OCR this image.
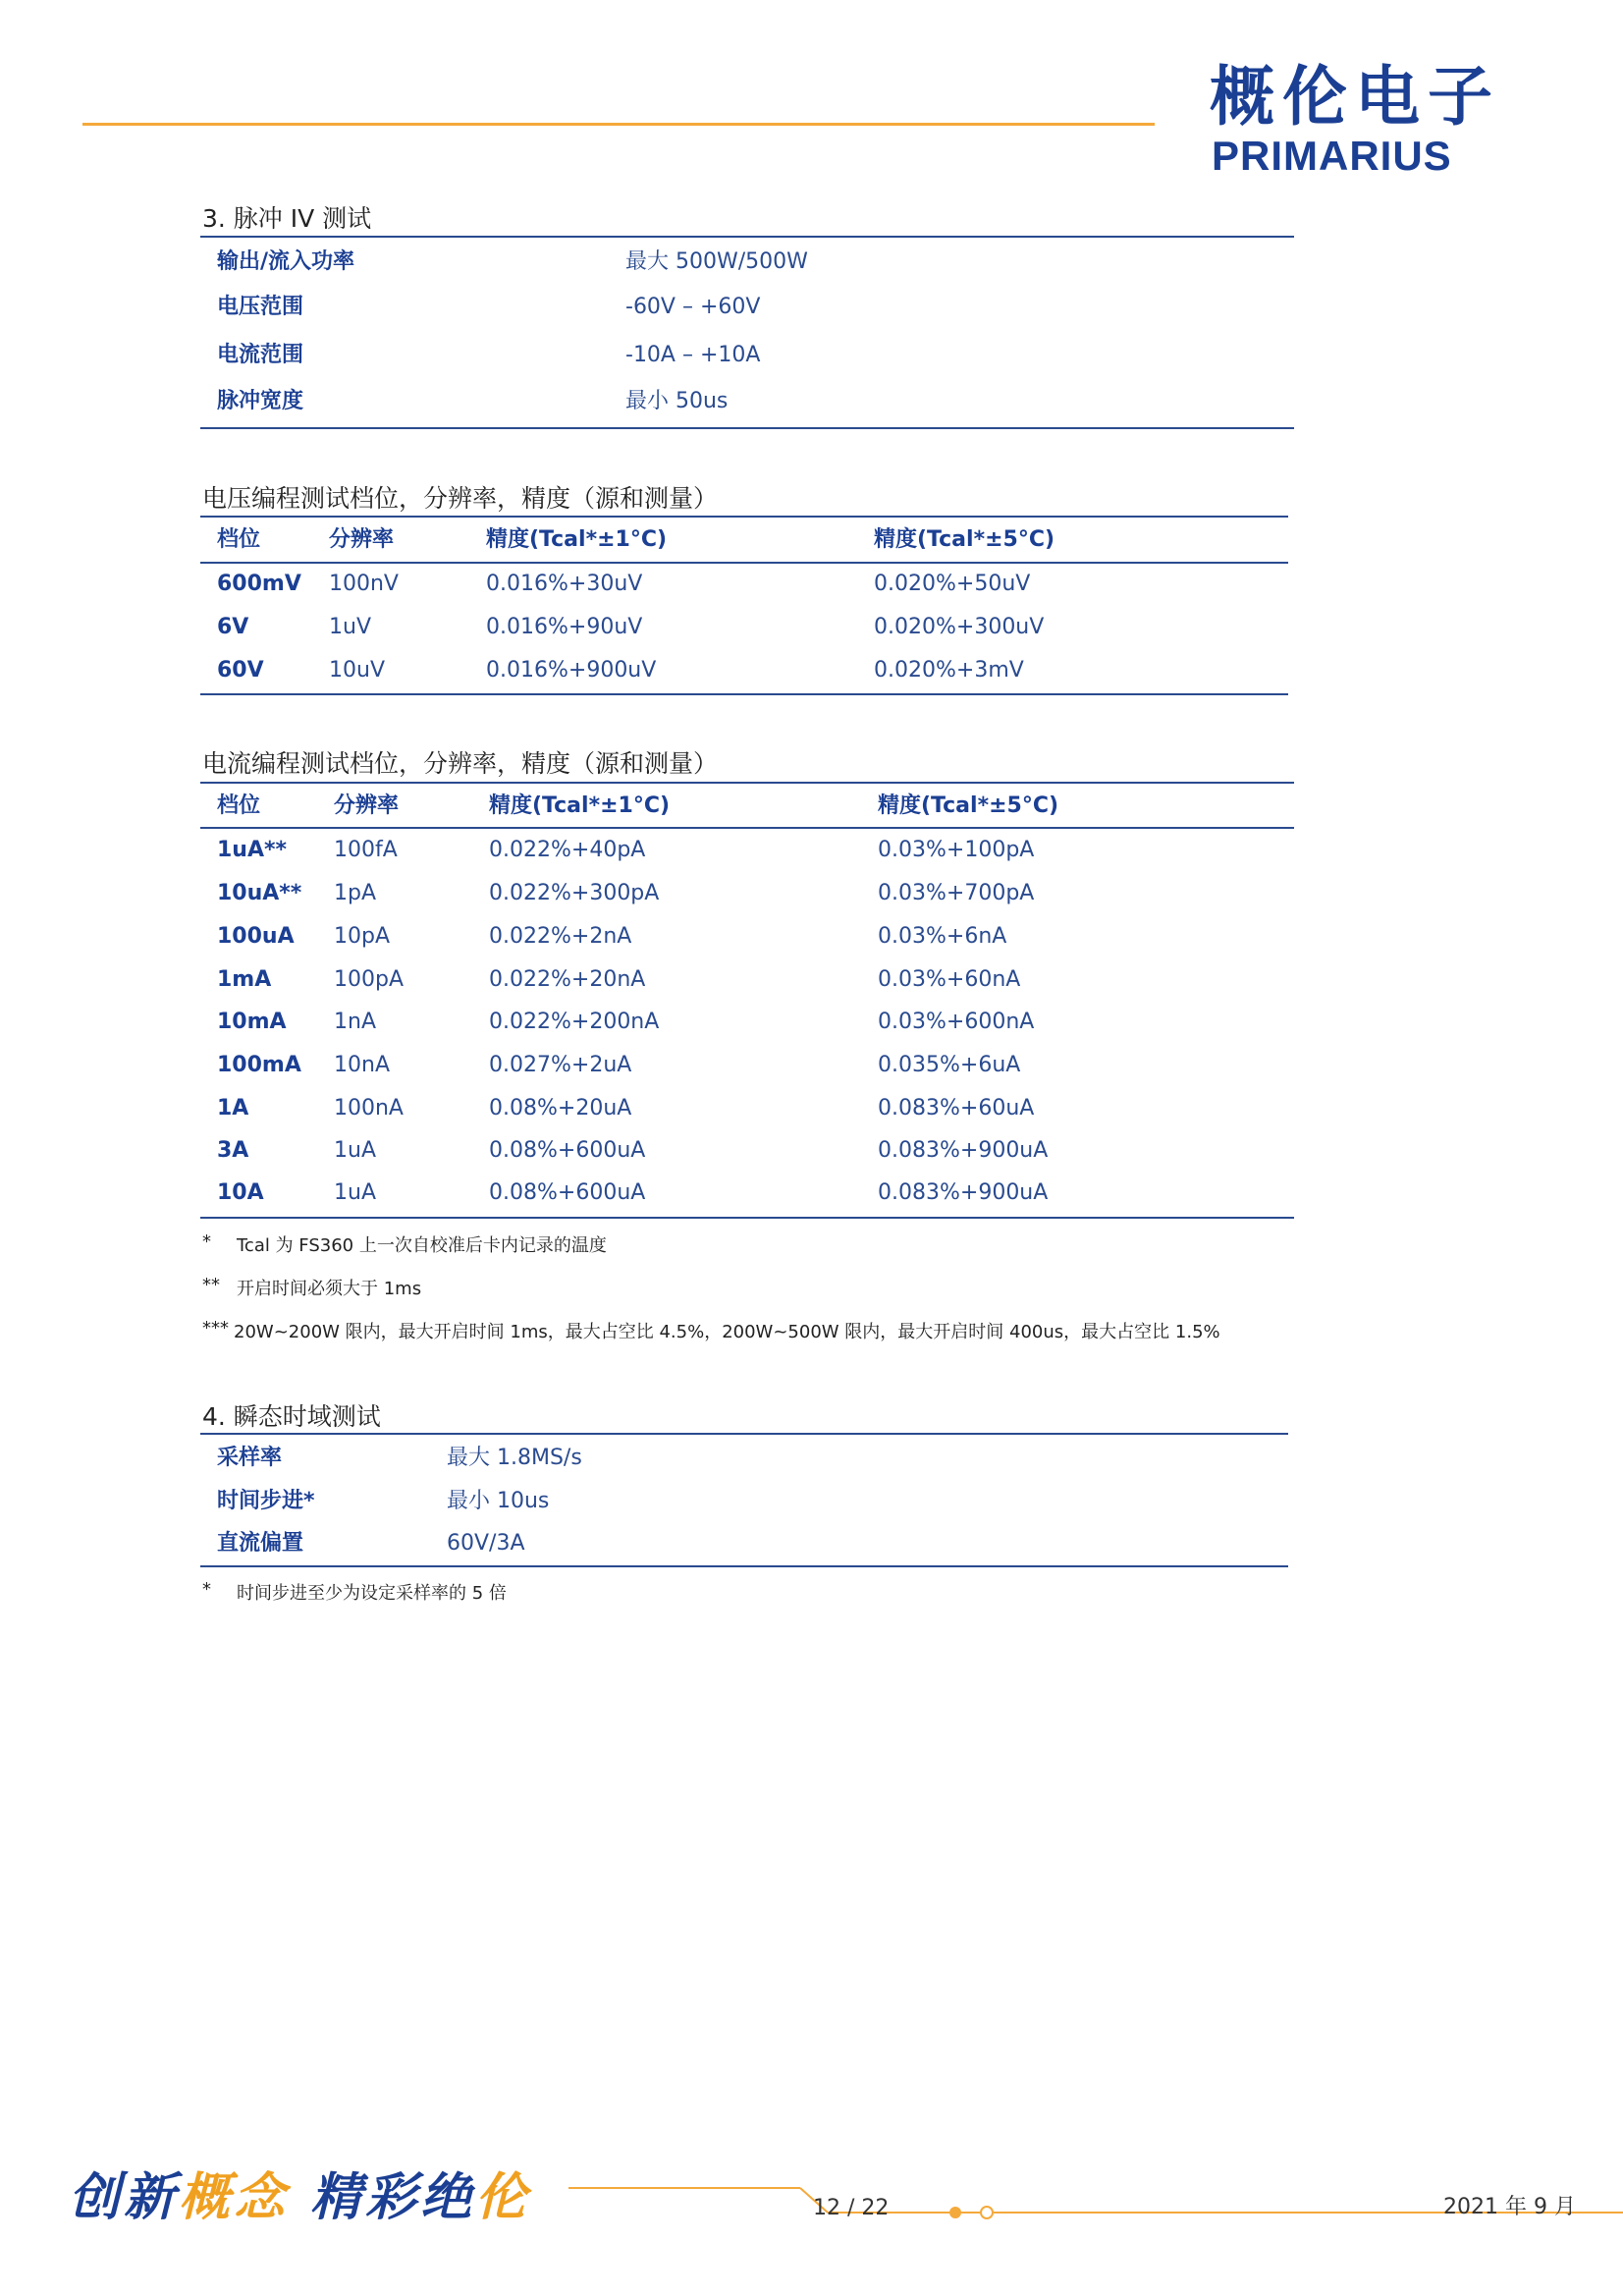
概伦电子
PRIMARIUS
3. 脉冲 IV 测试
输出/流入功率	最大 500W/500W
电压范围	-60V – +60V
电流范围	-10A – +10A
脉冲宽度	最小 50us
电压编程测试档位，分辨率，精度（源和测量）
档位	分辨率	精度(Tcal*±1°C)	精度(Tcal*±5°C)
600mV 100nV	0.016%+30uV	0.020%+50uV
6V	1uV	0.016%+90uV	0.020%+300uV
60V	10uV	0.016%+900uV	0.020%+3mV
电流编程测试档位，分辨率，精度（源和测量）
档位	分辨率	精度(Tcal*±1°C)	精度(Tcal*±5°C)
1uA** 100fA	0.022%+40pA	0.03%+100pA
10uA** 1pA	0.022%+300pA	0.03%+700pA
100uA 10pA	0.022%+2nA	0.03%+6nA
1mA	100pA	0.022%+20nA	0.03%+60nA
10mA 1nA	0.022%+200nA	0.03%+600nA
100mA 10nA	0.027%+2uA	0.035%+6uA
1A	100nA	0.08%+20uA	0.083%+60uA
3A	1uA	0.08%+600uA	0.083%+900uA
10A	1uA	0.08%+600uA	0.083%+900uA
* Tcal 为 FS360 上一次自校准后卡内记录的温度
** 开启时间必须大于 1ms
*** 20W~200W 限内，最大开启时间 1ms，最大占空比 4.5%，200W~500W 限内，最大开启时间 400us，最大占空比 1.5%
4. 瞬态时域测试
采样率	最大 1.8MS/s
时间步进*	最小 10us
直流偏置	60V/3A
* 时间步进至少为设定采样率的 5 倍
创新概念 精彩绝伦	12 / 22	2021 年 9 月
